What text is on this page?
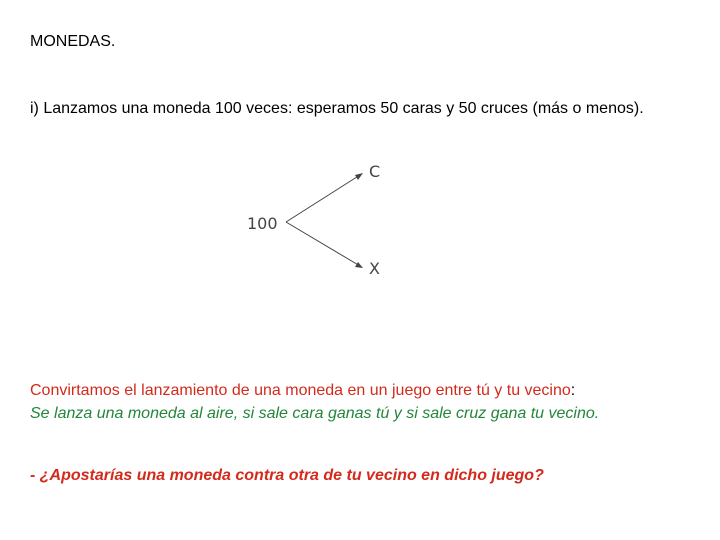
MONEDAS.

i) Lanzamos una moneda 100 veces: esperamos 50 caras y 50 cruces (más o menos).

100
C
X

Convirtamos el lanzamiento de una moneda en un juego entre tú y tu vecino:

Se lanza una moneda al aire, si sale cara ganas tú y si sale cruz gana tu vecino.

- ¿Apostarías una moneda contra otra de tu vecino en dicho juego?
